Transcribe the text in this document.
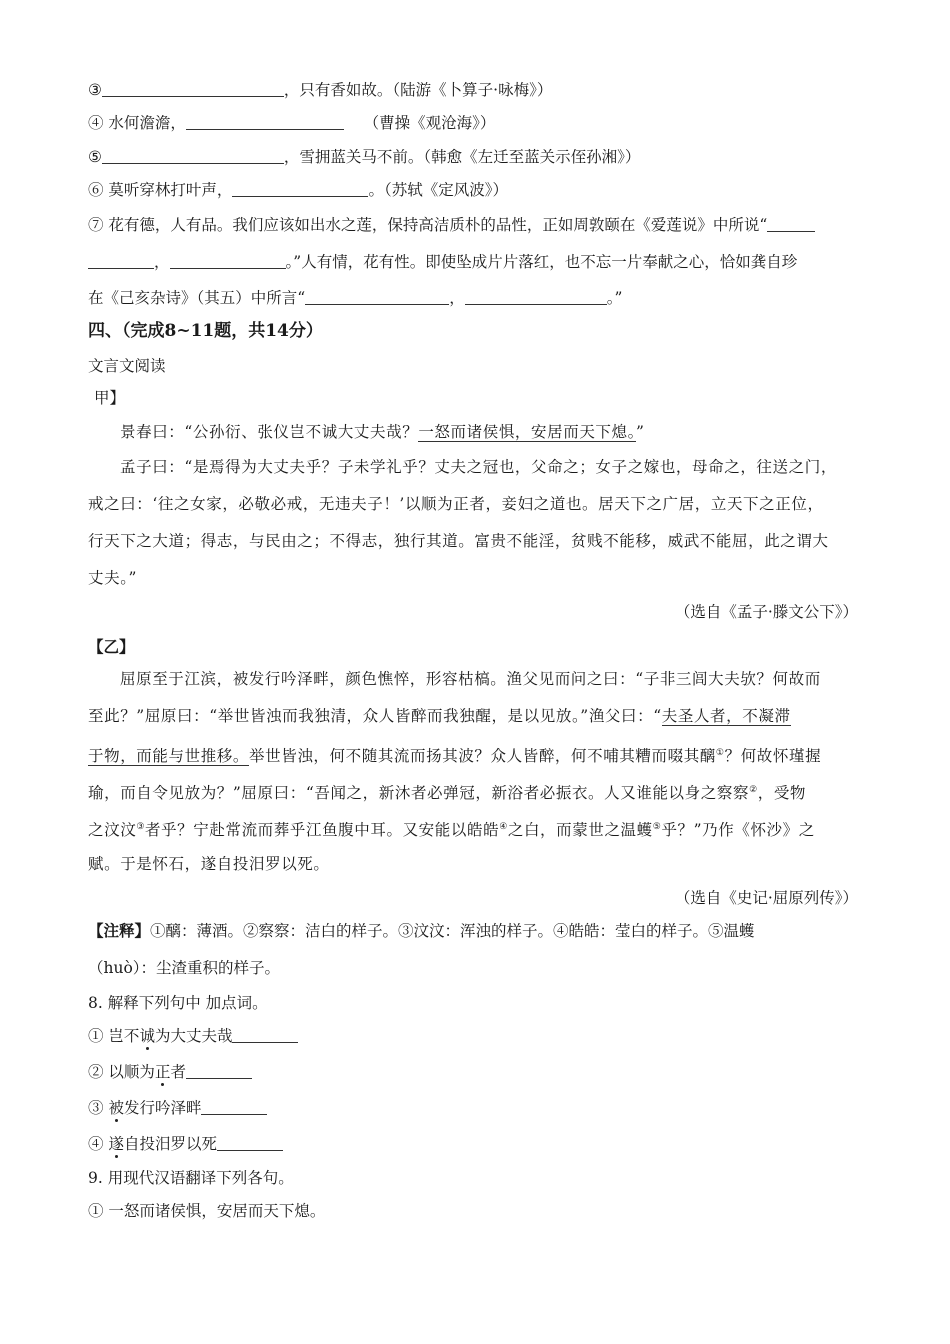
③	，只有香如故。（陆游《卜算子·咏梅》）
④ 水何澹澹，	（曹操《观沧海》）
⑤	，雪拥蓝关马不前。（韩愈《左迁至蓝关示侄孙湘》）
⑥ 莫听穿林打叶声，	。（苏轼《定风波》）
⑦ 花有德，人有品。我们应该如出水之莲，保持高洁质朴的品性，正如周敦颐在《爱莲说》中所说“
，	。”人有情，花有性。即使坠成片片落红，也不忘一片奉献之心，恰如龚自珍
在《己亥杂诗》（其五）中所言“	，	。”
四、（完成8~11题，共14分）
文言文阅读
甲】
景春曰：“公孙衍、张仪岂不诚大丈夫哉？一怒而诸侯惧，安居而天下熄。”
孟子曰：“是焉得为大丈夫乎？子未学礼乎？丈夫之冠也，父命之；女子之嫁也，母命之，往送之门，
戒之曰：‘往之女家，必敬必戒，无违夫子！’以顺为正者，妾妇之道也。居天下之广居，立天下之正位，
行天下之大道；得志，与民由之；不得志，独行其道。富贵不能淫，贫贱不能移，威武不能屈，此之谓大
丈夫。”
（选自《孟子·滕文公下》）
【乙】
屈原至于江滨，被发行吟泽畔，颜色憔悴，形容枯槁。渔父见而问之曰：“子非三闾大夫欤？何故而
至此？”屈原曰：“举世皆浊而我独清，众人皆醉而我独醒，是以见放。”渔父曰：“夫圣人者，不凝滞
于物，而能与世推移。举世皆浊，何不随其流而扬其波？众人皆醉，何不哺其糟而啜其醨①？何故怀瑾握
瑜，而自令见放为？”屈原曰：“吾闻之，新沐者必弹冠，新浴者必振衣。人又谁能以身之察察②，受物
之汶汶③者乎？宁赴常流而葬乎江鱼腹中耳。又安能以皓皓④之白，而蒙世之温蠖⑤乎？”乃作《怀沙》之
赋。于是怀石，遂自投汨罗以死。
（选自《史记·屈原列传》）
【注释】①醨：薄酒。②察察：洁白的样子。③汶汶：浑浊的样子。④皓皓：莹白的样子。⑤温蠖
（huò）：尘渣重积的样子。
8. 解释下列句中 加点词。
① 岂不诚为大丈夫哉
② 以顺为正者
③ 被发行吟泽畔
④ 遂自投汨罗以死
9. 用现代汉语翻译下列各句。
① 一怒而诸侯惧，安居而天下熄。
